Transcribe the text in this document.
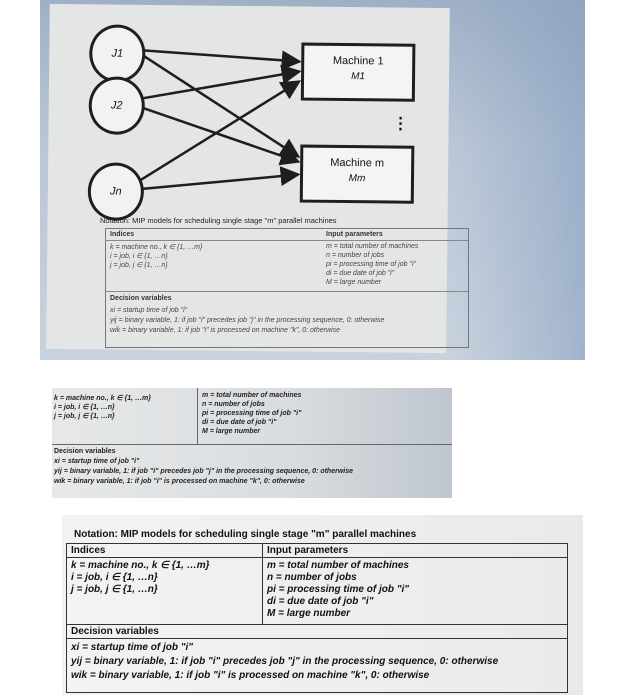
J1
J2
Jn
Machine 1
M1
⋮
Machine m
Mm
Notation: MIP models for scheduling single stage "m" parallel machines
Indices	Input parameters
k = machine no., k ∈ {1, …m}
i = job, i ∈ {1, …n}
j = job, j ∈ {1, …n}
m = total number of machines
n = number of jobs
pi = processing time of job "i"
di = due date of job "i"
M = large number
Decision variables
xi = startup time of job "i"
yij = binary variable, 1: if job "i" precedes job "j" in the processing sequence, 0: otherwise
wik = binary variable, 1: if job "i" is processed on machine "k", 0: otherwise
k = machine no., k ∈ {1, …m}
i = job, i ∈ {1, …n}
j = job, j ∈ {1, …n}
m = total number of machines
n = number of jobs
pi = processing time of job "i"
di = due date of job "i"
M = large number
Decision variables
xi = startup time of job "i"
yij = binary variable, 1: if job "i" precedes job "j" in the processing sequence, 0: otherwise
wik = binary variable, 1: if job "i" is processed on machine "k", 0: otherwise
Notation: MIP models for scheduling single stage "m" parallel machines
Indices	Input parameters
k = machine no., k ∈ {1, …m}
i = job, i ∈ {1, …n}
j = job, j ∈ {1, …n}
m = total number of machines
n = number of jobs
pi = processing time of job "i"
di = due date of job "i"
M = large number
Decision variables
xi = startup time of job "i"
yij = binary variable, 1: if job "i" precedes job "j" in the processing sequence, 0: otherwise
wik = binary variable, 1: if job "i" is processed on machine "k", 0: otherwise
